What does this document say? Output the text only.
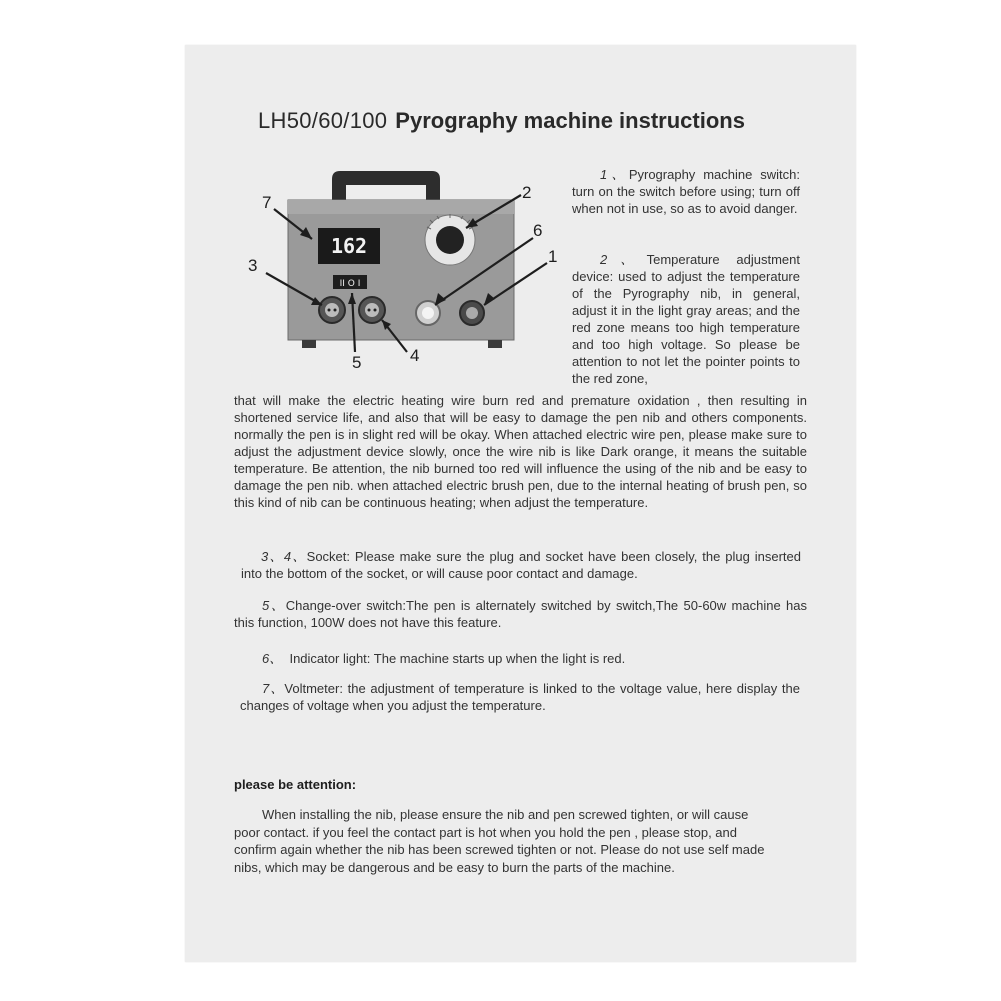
LH50/60/100 Pyrography machine instructions
162
II O I
7
2
6
1
3
5	4

1、Pyrography machine switch: turn on the switch before using; turn off when not in use, so as to avoid danger.

2、Temperature adjustment device: used to adjust the temperature of the Pyrography nib, in general, adjust it in the light gray areas; and the red zone means too high temperature and too high voltage. So please be attention to not let the pointer points to the red zone,

that will make the electric heating wire burn red and premature oxidation , then resulting in shortened service life, and also that will be easy to damage the pen nib and others components. normally the pen is in slight red will be okay. When attached electric wire pen, please make sure to adjust the adjustment device slowly, once the wire nib is like Dark orange, it means the suitable temperature. Be attention, the nib burned too red will influence the using of the nib and be easy to damage the pen nib. when attached electric brush pen, due to the internal heating of brush pen, so this kind of nib can be continuous heating; when adjust the temperature.

3、4、Socket: Please make sure the plug and socket have been closely, the plug inserted into the bottom of the socket, or will cause poor contact and damage.

5、Change-over switch:The pen is alternately switched by switch,The 50-60w machine has this function, 100W does not have this feature.

6、 Indicator light: The machine starts up when the light is red.

7、Voltmeter: the adjustment of temperature is linked to the voltage value, here display the changes of voltage when you adjust the temperature.

please be attention:

When installing the nib, please ensure the nib and pen screwed tighten, or will cause poor contact. if you feel the contact part is hot when you hold the pen , please stop, and confirm again whether the nib has been screwed tighten or not. Please do not use self made nibs, which may be dangerous and be easy to burn the parts of the machine.
